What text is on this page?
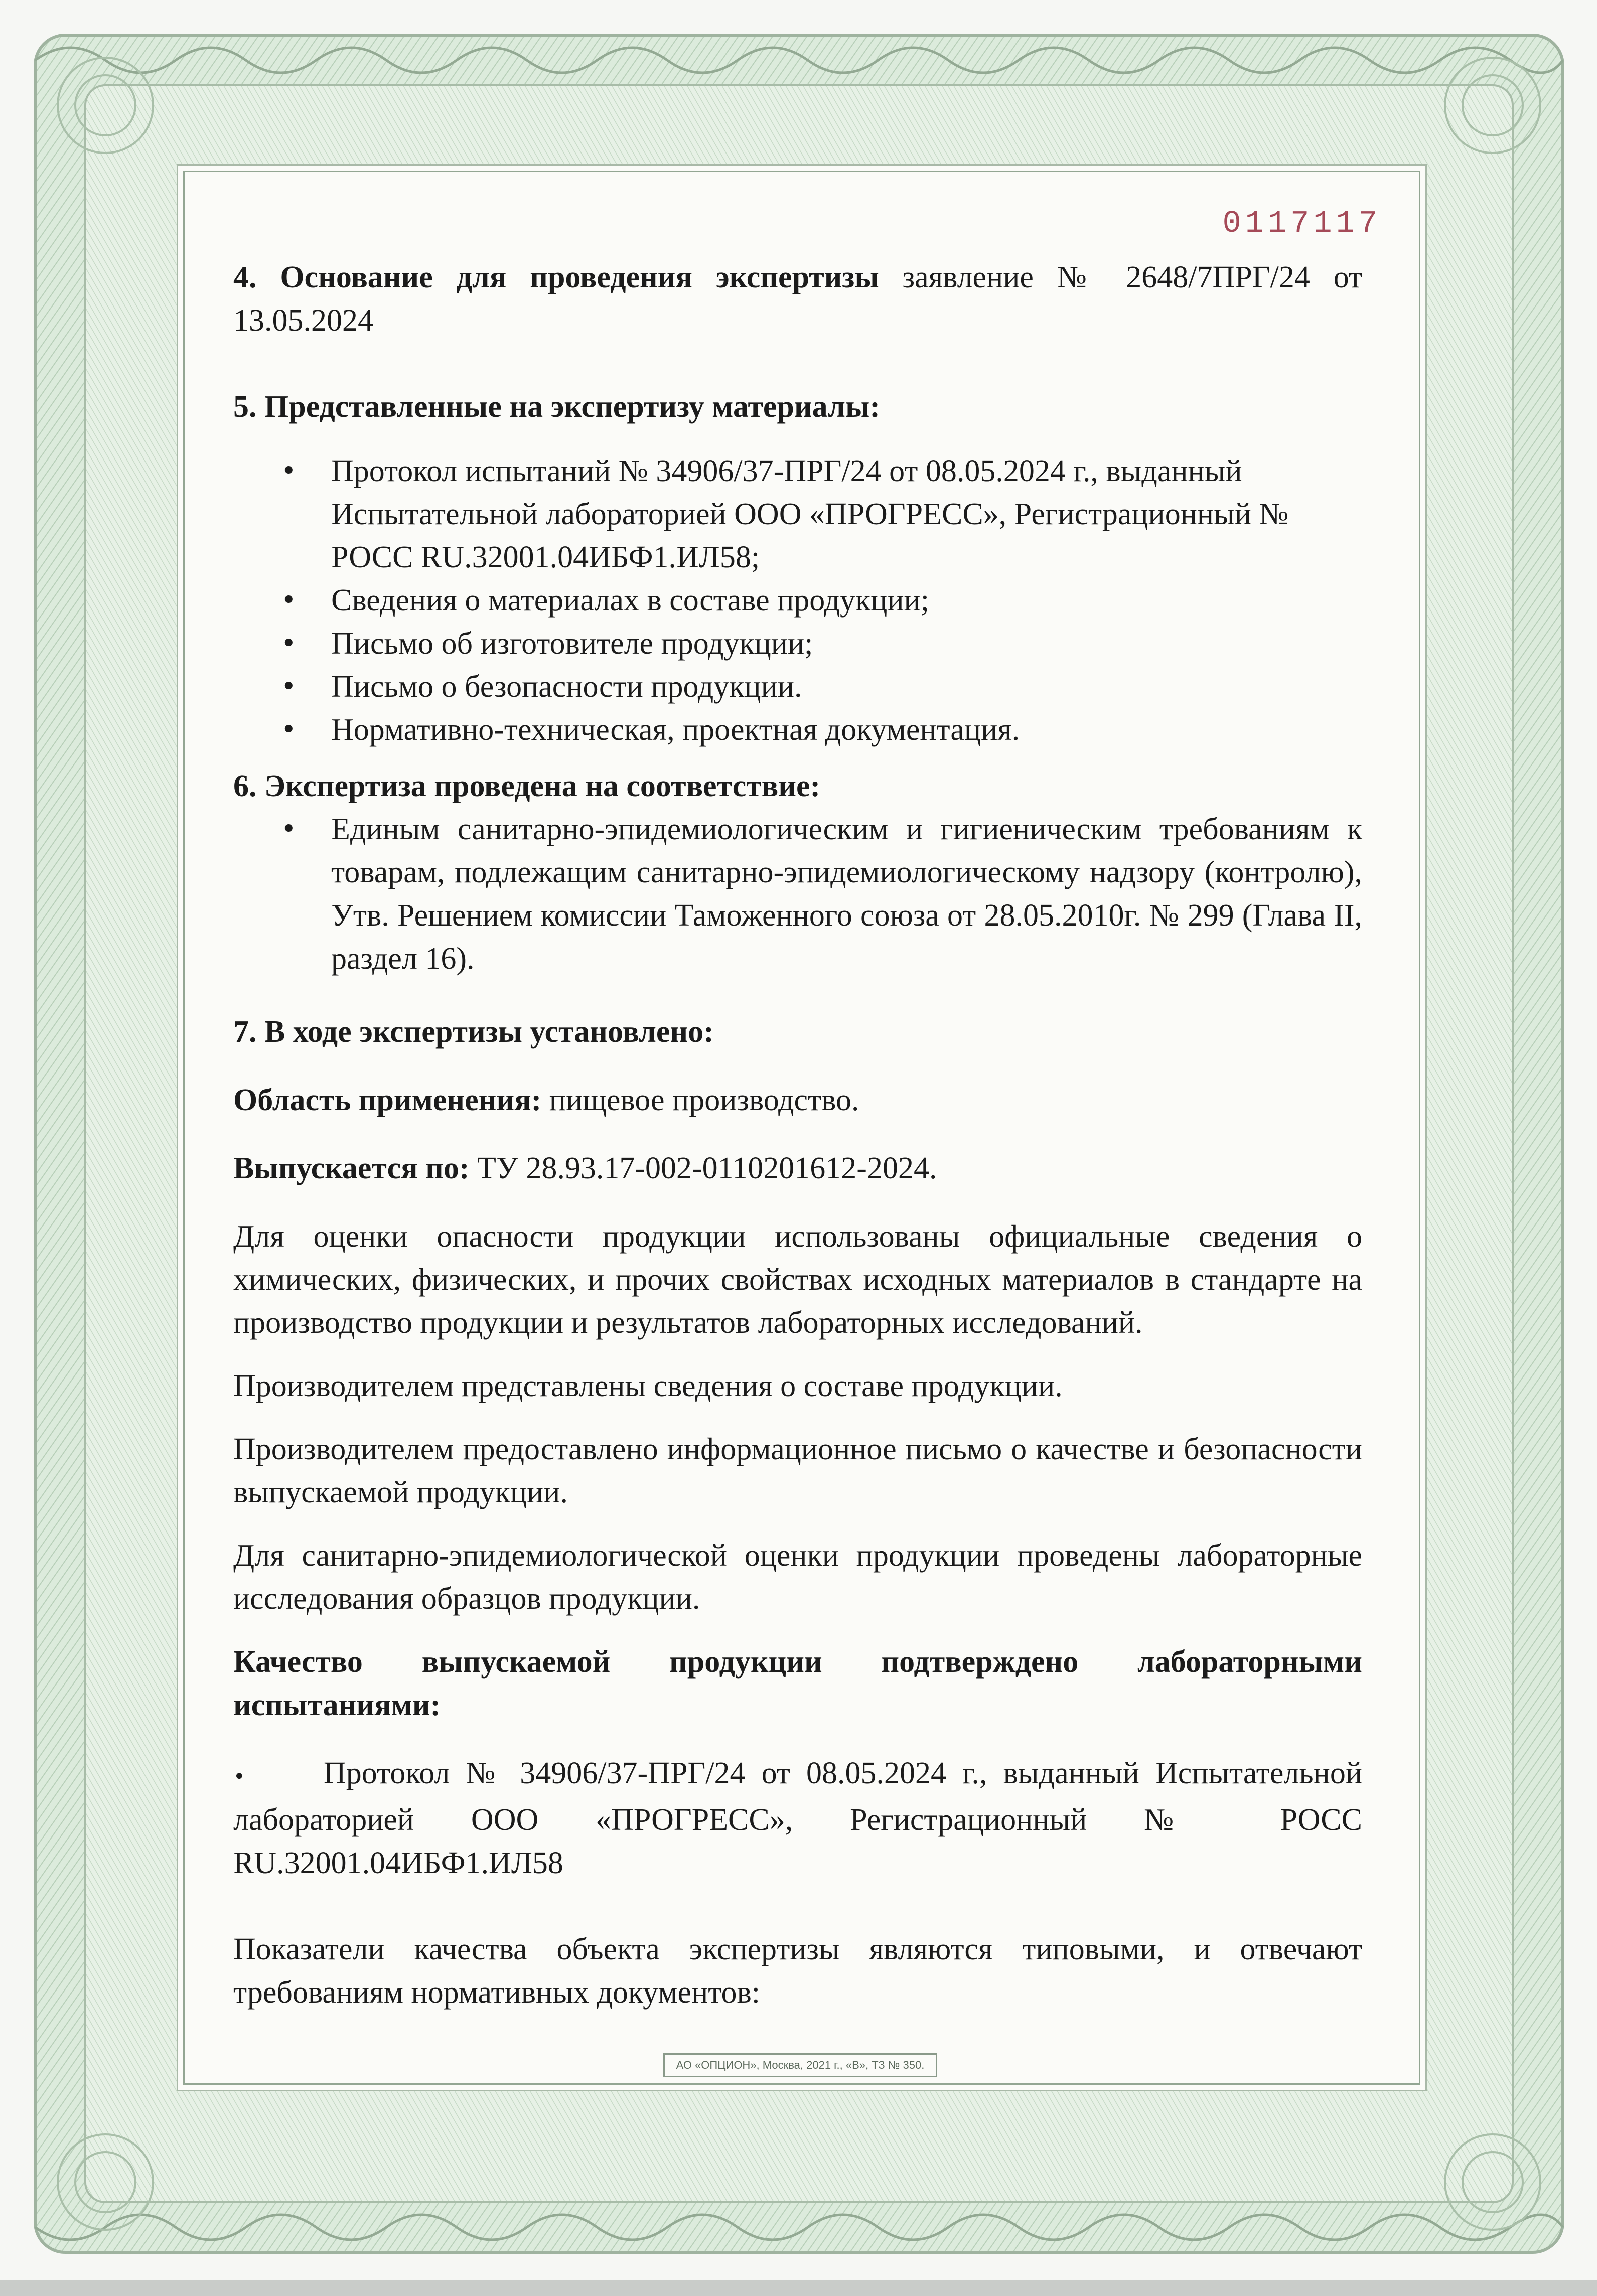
0117117

4. Основание для проведения экспертизы заявление № 2648/7ПРГ/24 от

13.05.2024

5. Представленные на экспертизу материалы:

• Протокол испытаний № 34906/37-ПРГ/24 от 08.05.2024 г., выданный Испытательной лабораторией ООО «ПРОГРЕСС», Регистрационный № РОСС RU.32001.04ИБФ1.ИЛ58;
• Сведения о материалах в составе продукции;
• Письмо об изготовителе продукции;
• Письмо о безопасности продукции.
• Нормативно-техническая, проектная документация.

6. Экспертиза проведена на соответствие:

• Единым санитарно-эпидемиологическим и гигиеническим требованиям к товарам, подлежащим санитарно-эпидемиологическому надзору (контролю), Утв. Решением комиссии Таможенного союза от 28.05.2010г. № 299 (Глава II, раздел 16).

7. В ходе экспертизы установлено:

Область применения: пищевое производство.

Выпускается по: ТУ 28.93.17-002-0110201612-2024.

Для оценки опасности продукции использованы официальные сведения о химических, физических, и прочих свойствах исходных материалов в стандарте на производство продукции и результатов лабораторных исследований.

Производителем представлены сведения о составе продукции.

Производителем предоставлено информационное письмо о качестве и безопасности выпускаемой продукции.

Для санитарно-эпидемиологической оценки продукции проведены лабораторные исследования образцов продукции.

Качество выпускаемой продукции подтверждено лабораторными испытаниями:

•	Протокол № 34906/37-ПРГ/24 от 08.05.2024 г., выданный Испытательной лабораторией ООО «ПРОГРЕСС», Регистрационный № РОСС RU.32001.04ИБФ1.ИЛ58

Показатели качества объекта экспертизы являются типовыми, и отвечают требованиям нормативных документов:

АО «ОПЦИОН», Москва, 2021 г., «В», ТЗ № 350.
